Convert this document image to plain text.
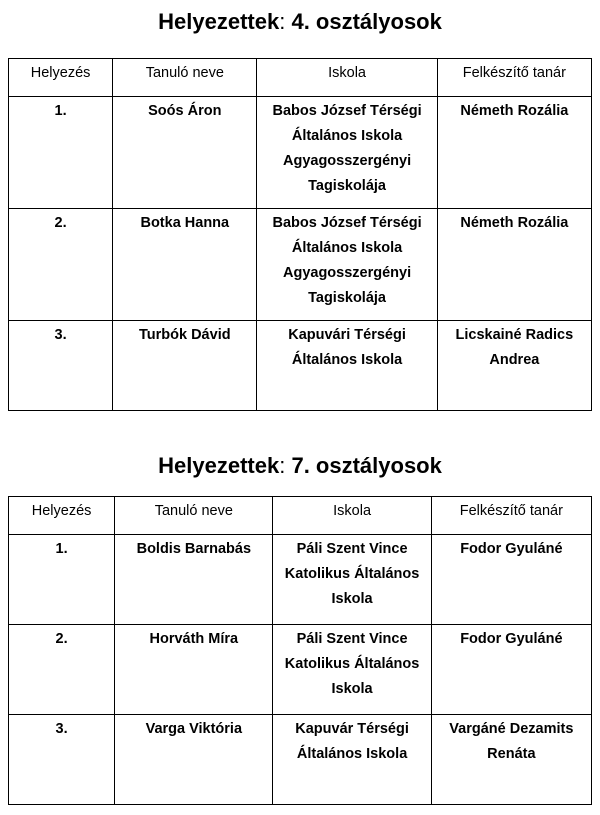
Helyezettek: 4. osztályosok
Helyezés	Tanuló neve	Iskola	Felkészítő tanár
1.	Soós Áron	Babos József Térségi
Általános Iskola
Agyagosszergényi
Tagiskolája	Németh Rozália

2.	Botka Hanna	Babos József Térségi
Általános Iskola
Agyagosszergényi
Tagiskolája	Németh Rozália

3.	Turbók Dávid	Kapuvári Térségi
Általános Iskola	Licskainé Radics
Andrea
Helyezettek: 7. osztályosok
Helyezés	Tanuló neve	Iskola	Felkészítő tanár
1.	Boldis Barnabás	Páli Szent Vince
Katolikus Általános
Iskola	Fodor Gyuláné

2.	Horváth Míra	Páli Szent Vince
Katolikus Általános
Iskola	Fodor Gyuláné

3.	Varga Viktória	Kapuvár Térségi
Általános Iskola	Vargáné Dezamits
Renáta
